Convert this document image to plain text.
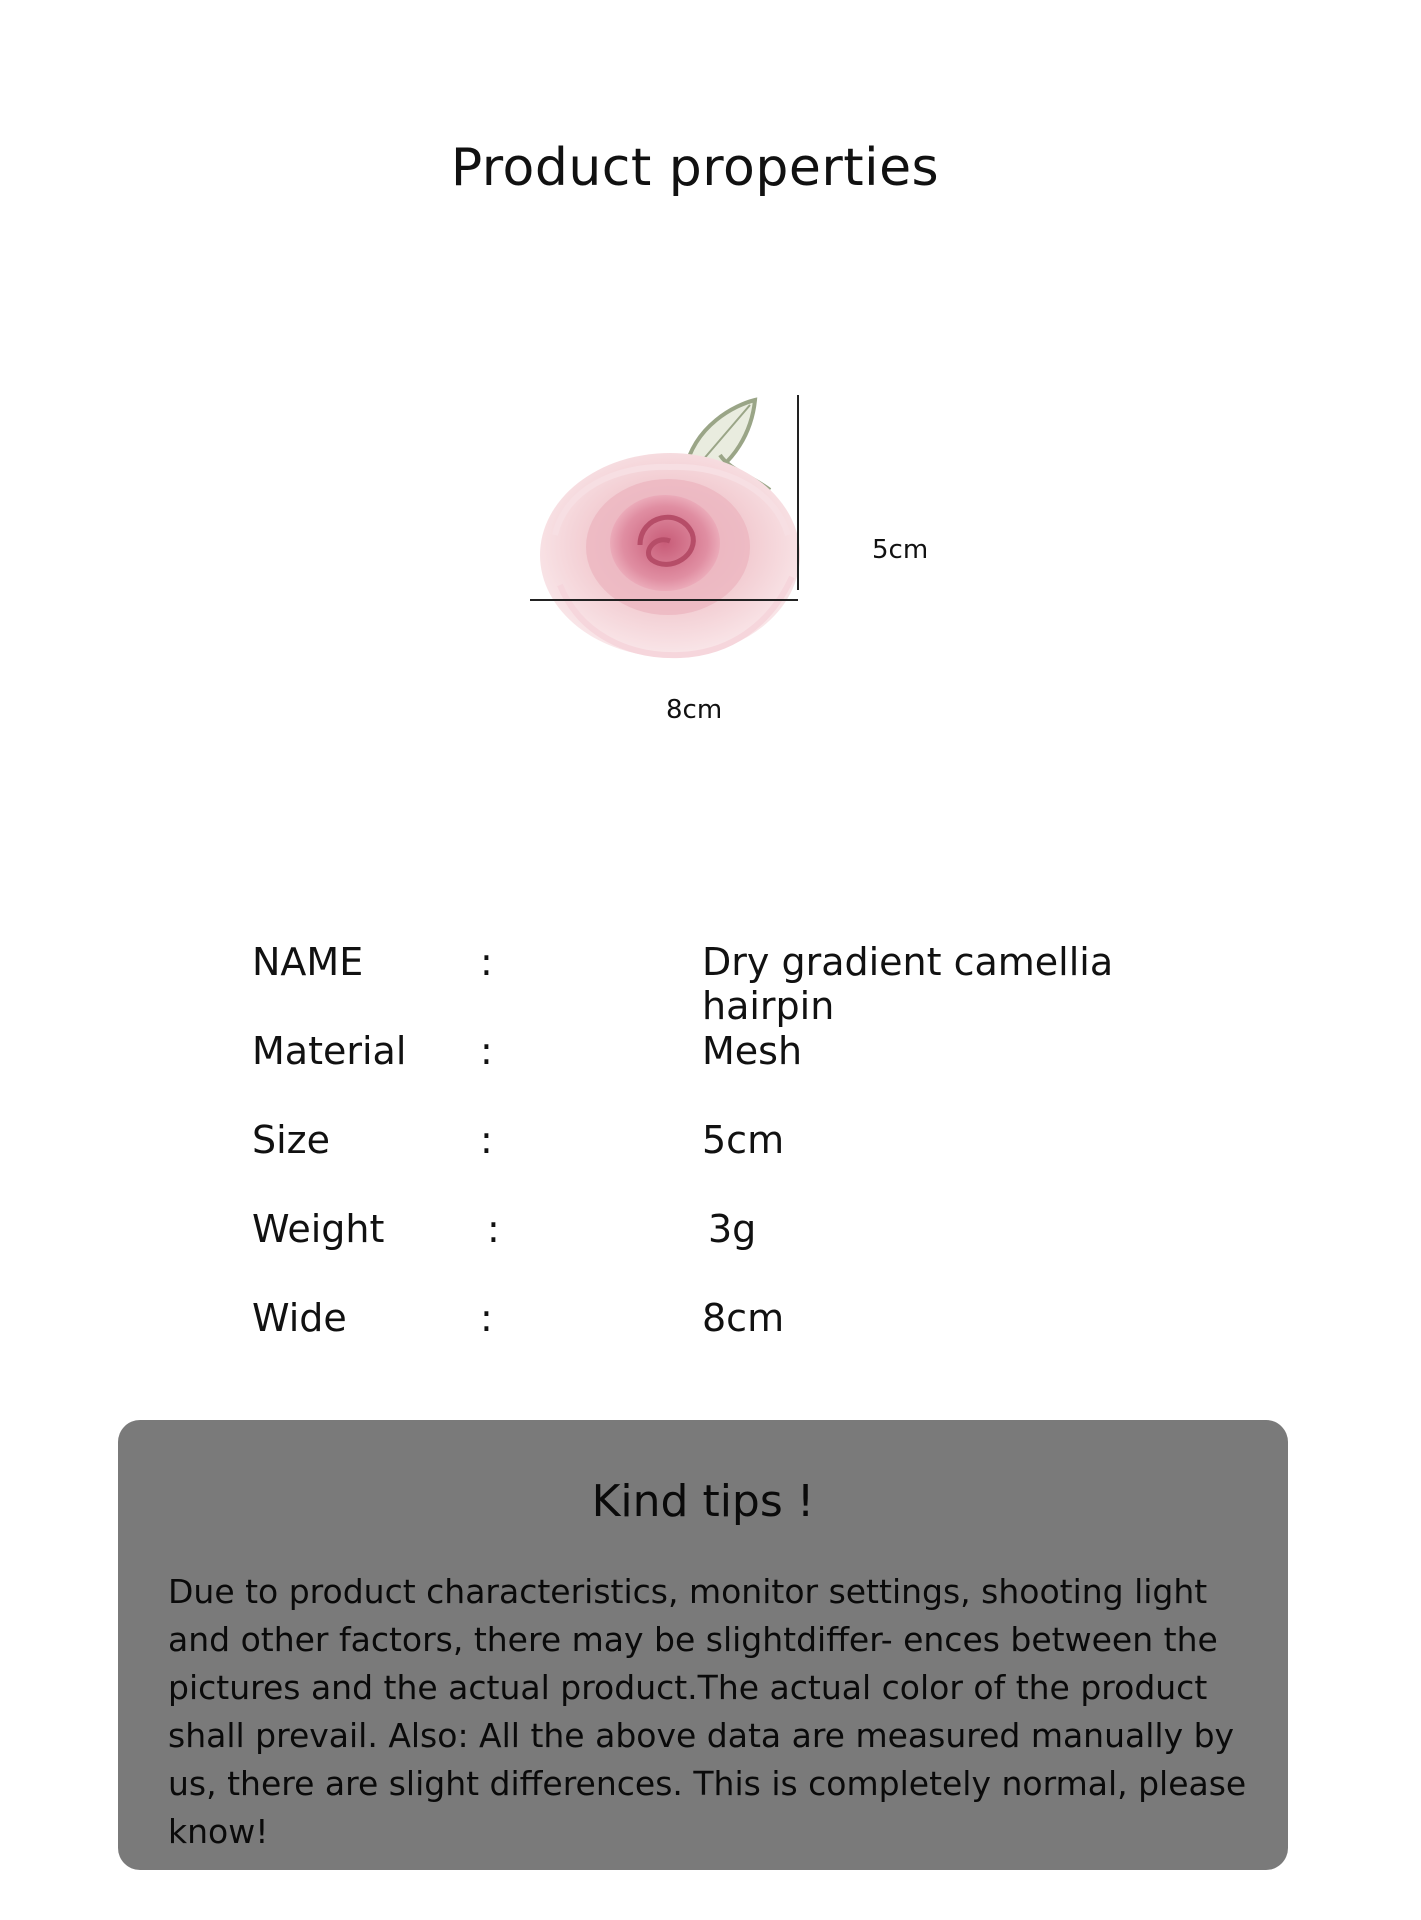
Product properties
5cm
8cm
NAME	:	Dry gradient camellia hairpin
Material :	Mesh
Size	:	5cm
Weight	:	3g
Wide	:	8cm
Kind tips !
Due to product characteristics, monitor settings, shooting light and other factors, there may be slightdiffer- ences between the pictures and the actual product.The actual color of the product shall prevail. Also: All the above data are measured manually by us, there are slight differences. This is completely normal, please know!
